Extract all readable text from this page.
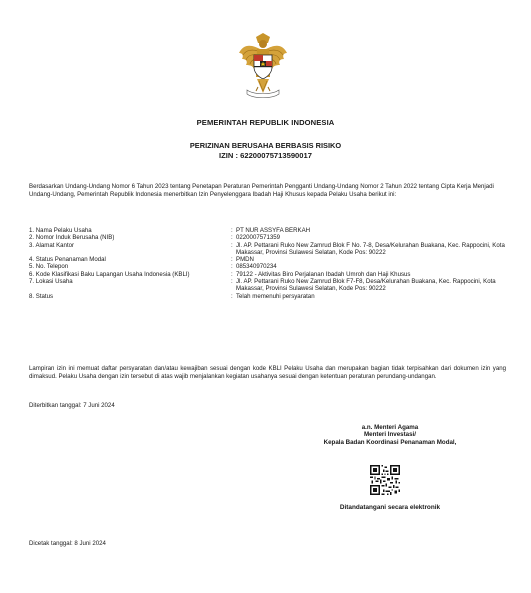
PEMERINTAH REPUBLIK INDONESIA
PERIZINAN BERUSAHA BERBASIS RISIKO
IZIN : 62200075713590017
Berdasarkan Undang-Undang Nomor 6 Tahun 2023 tentang Penetapan Peraturan Pemerintah Pengganti Undang-Undang Nomor 2 Tahun 2022 tentang Cipta Kerja Menjadi Undang-Undang, Pemerintah Republik Indonesia menerbitkan Izin Penyelenggara Ibadah Haji Khusus kepada Pelaku Usaha berikut ini:
1. Nama Pelaku Usaha	: PT NUR ASSYFA BERKAH
2. Nomor Induk Berusaha (NIB)	: 0220007571359
3. Alamat Kantor	: Jl. AP. Pettarani Ruko New Zamrud Blok F No. 7-8, Desa/Kelurahan Buakana, Kec. Rappocini, Kota Makassar, Provinsi Sulawesi Selatan, Kode Pos: 90222
4. Status Penanaman Modal	: PMDN
5. No. Telepon	: 085340970234
6. Kode Klasifikasi Baku Lapangan Usaha Indonesia (KBLI)	: 79122 - Aktivitas Biro Perjalanan Ibadah Umroh dan Haji Khusus
7. Lokasi Usaha	: Jl. AP. Pettarani Ruko New Zamrud Blok F7-F8, Desa/Kelurahan Buakana, Kec. Rappocini, Kota Makassar, Provinsi Sulawesi Selatan, Kode Pos: 90222
8. Status	: Telah memenuhi persyaratan
Lampiran izin ini memuat daftar persyaratan dan/atau kewajiban sesuai dengan kode KBLI Pelaku Usaha dan merupakan bagian tidak terpisahkan dari dokumen izin yang dimaksud. Pelaku Usaha dengan izin tersebut di atas wajib menjalankan kegiatan usahanya sesuai dengan ketentuan peraturan perundang-undangan.
Diterbitkan tanggal: 7 Juni 2024
a.n. Menteri Agama
Menteri Investasi/
Kepala Badan Koordinasi Penanaman Modal,
Ditandatangani secara elektronik
Dicetak tanggal: 8 Juni 2024
